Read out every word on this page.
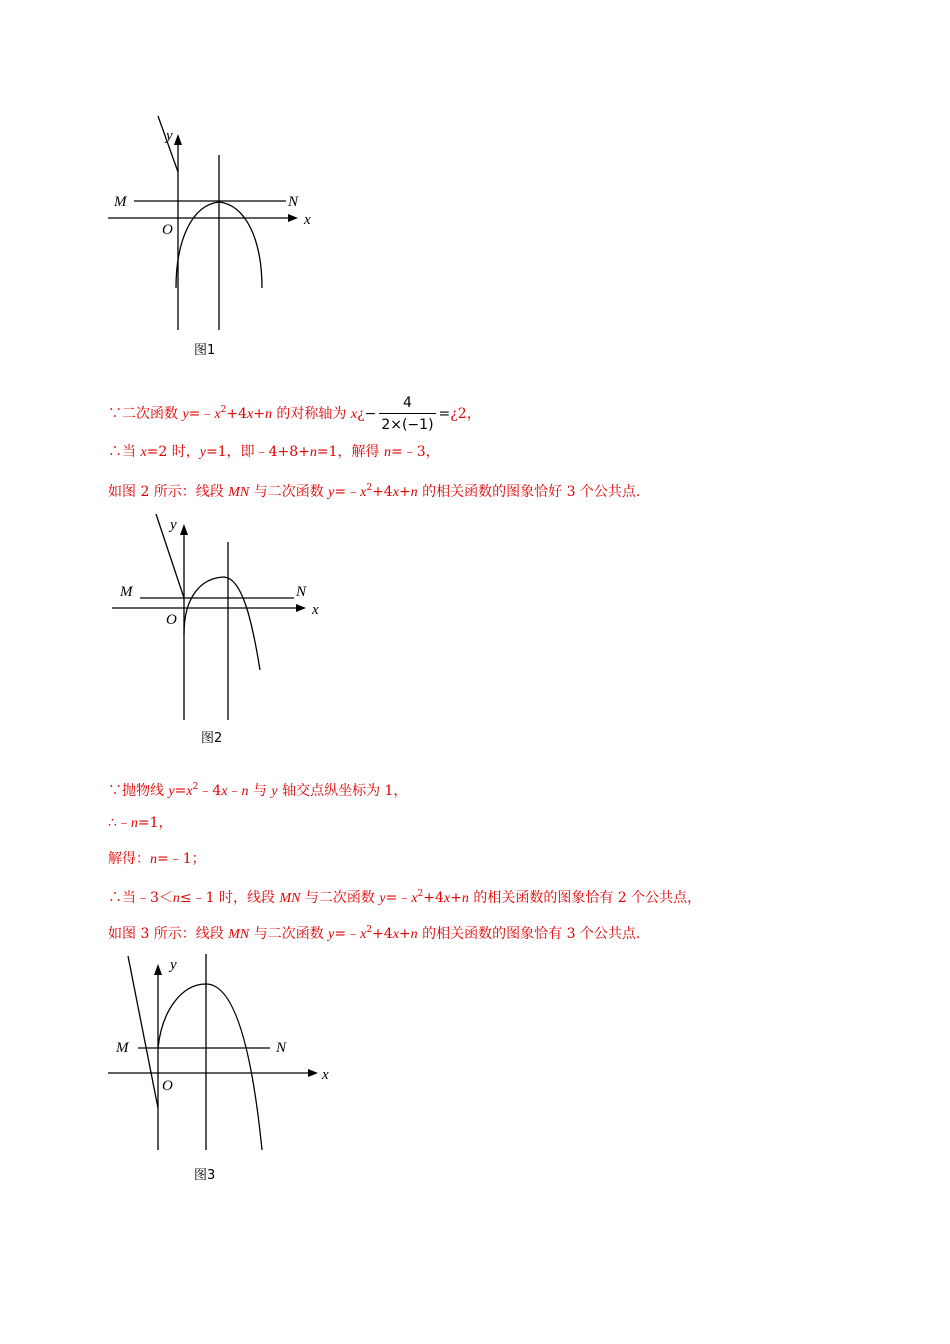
y
x
M	N
O
图1
∵二次函数 $y=﹣x^2+4x+n$ 的对称轴为 x¿− $\frac{4}{2\times(-1)}$ =¿2，
∴当 x=2 时，y=1，即﹣4+8+n=1，解得 n=﹣3，
如图 2 所示：线段 MN 与二次函数 $y=﹣x^2+4x+n$ 的相关函数的图象恰好 3 个公共点.
y
x
M	N
O
图2
∵抛物线 $y=x^2﹣4x﹣n$ 与 y 轴交点纵坐标为 1，
∴﹣n=1，
解得：n=﹣1；
∴当﹣3＜n≤﹣1 时，线段 MN 与二次函数 $y=﹣x^2+4x+n$ 的相关函数的图象恰有 2 个公共点，
如图 3 所示：线段 MN 与二次函数 $y=﹣x^2+4x+n$ 的相关函数的图象恰有 3 个公共点.
y
x
M	N
O
图3
